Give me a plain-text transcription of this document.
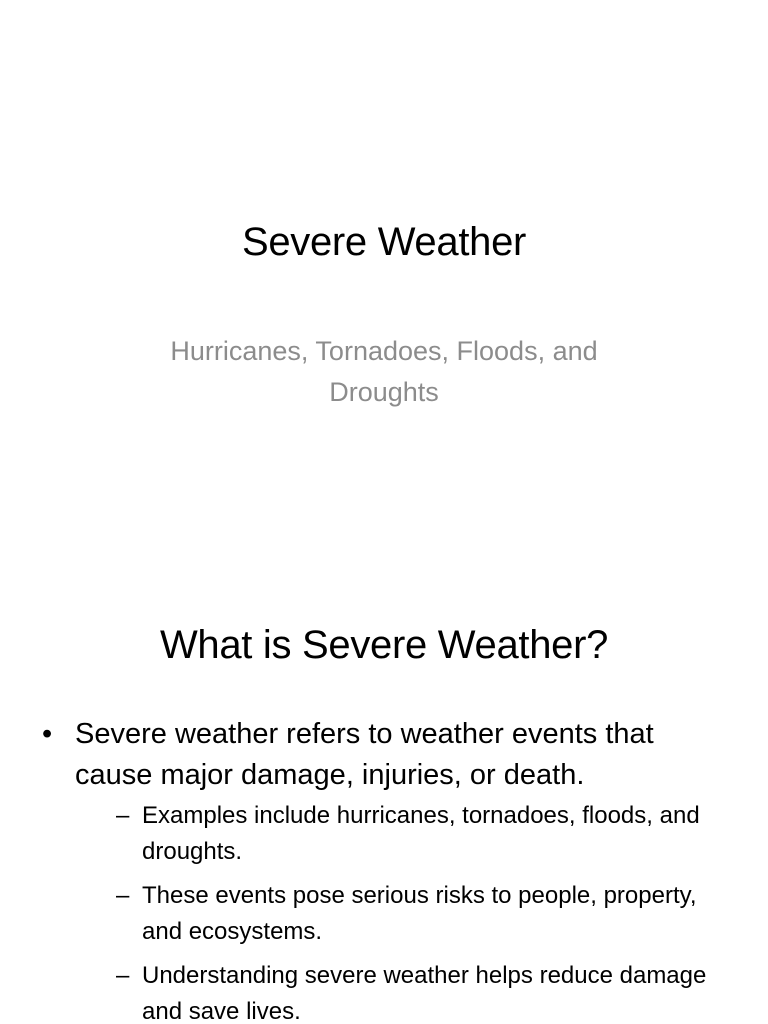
Severe Weather
Hurricanes, Tornadoes, Floods, and Droughts
What is Severe Weather?
• Severe weather refers to weather events that cause major damage, injuries, or death.
– Examples include hurricanes, tornadoes, floods, and droughts.
– These events pose serious risks to people, property, and ecosystems.
– Understanding severe weather helps reduce damage and save lives.
